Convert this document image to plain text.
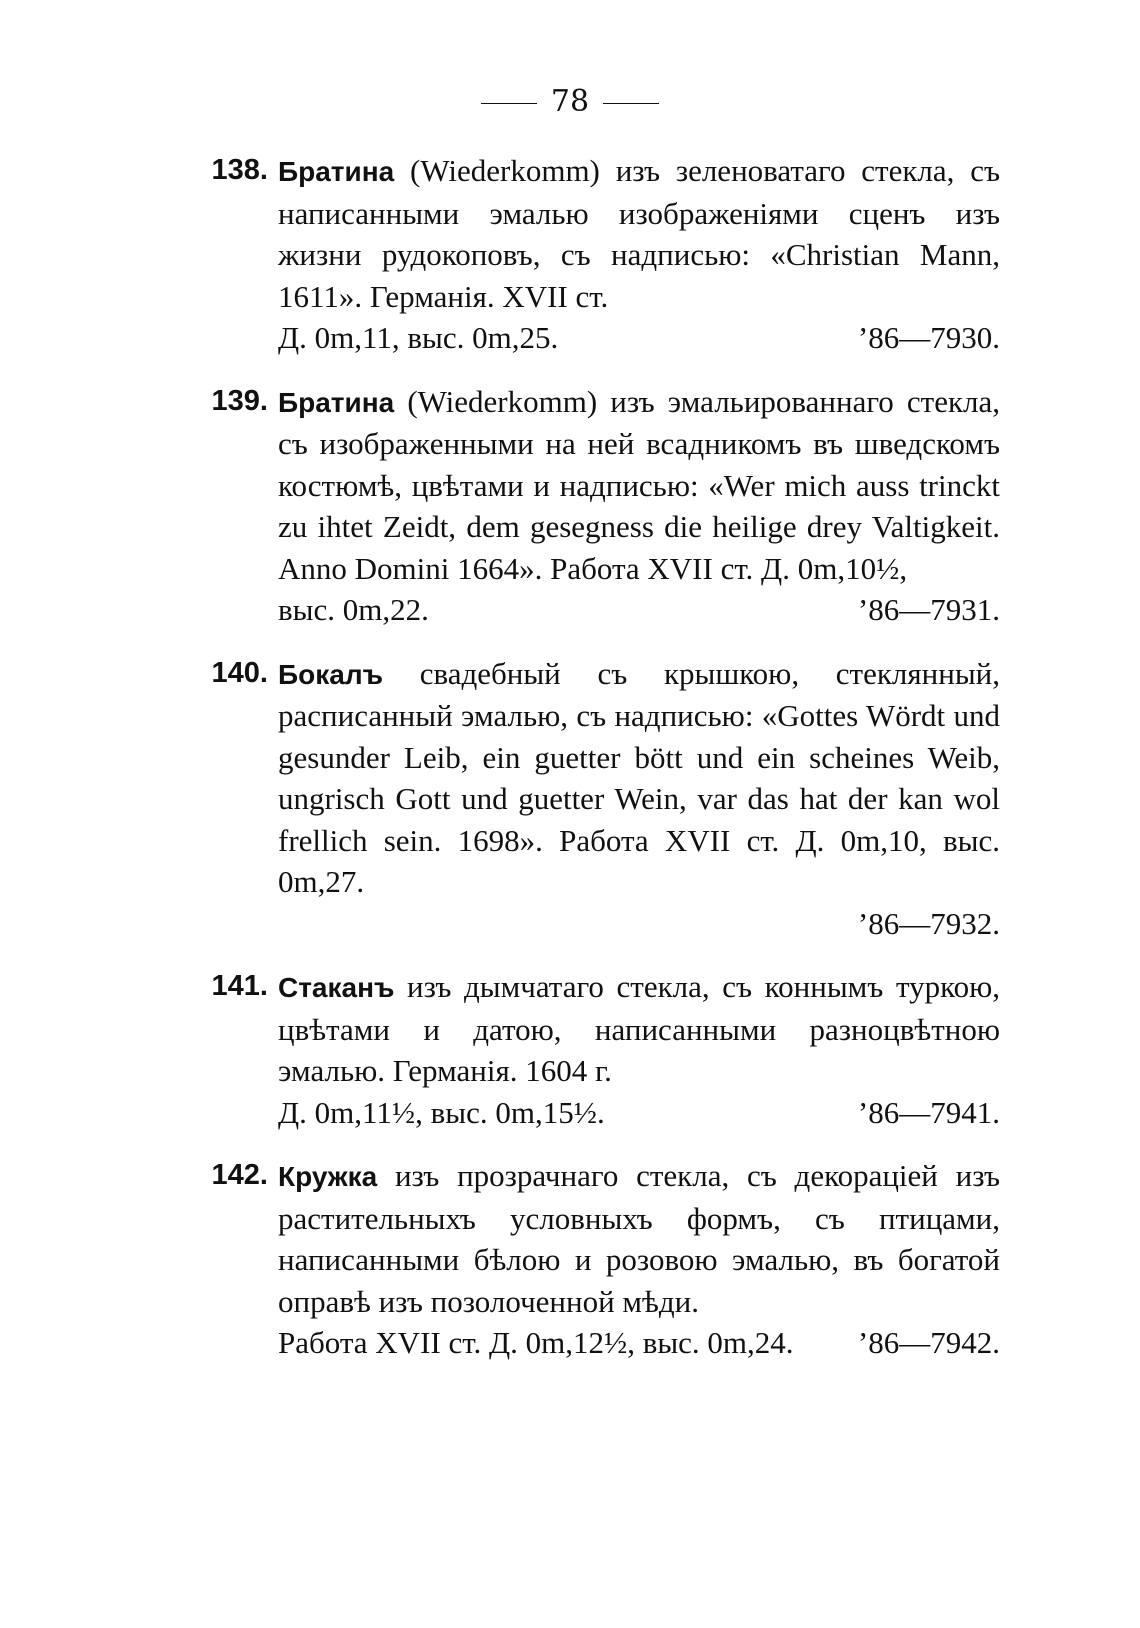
78
138. Братина (Wiederkomm) изъ зеленоватаго стекла, съ написанными эмалью изображеніями сценъ изъ жизни рудокоповъ, съ надписью: «Christian Mann, 1611». Германія. XVII ст.
Д. 0m,11, выс. 0m,25.	’86—7930.
139. Братина (Wiederkomm) изъ эмальированнаго стекла, съ изображенными на ней всадникомъ въ шведскомъ костюмѣ, цвѣтами и надписью: «Wer mich auss trinckt zu ihtet Zeidt, dem gesegness die heilige drey Valtigkeit. Anno Domini 1664». Работа XVII ст. Д. 0m,10½,
выс. 0m,22.	’86—7931.
140. Бокалъ свадебный съ крышкою, стеклянный, расписанный эмалью, съ надписью: «Gottes Wördt und gesunder Leib, ein guetter bött und ein scheines Weib, ungrisch Gott und guetter Wein, var das hat der kan wol frellich sein. 1698». Работа XVII ст. Д. 0m,10, выс. 0m,27.
’86—7932.
141. Стаканъ изъ дымчатаго стекла, съ коннымъ туркою, цвѣтами и датою, написанными разноцвѣтною эмалью. Германія. 1604 г.
Д. 0m,11½, выс. 0m,15½.	’86—7941.
142. Кружка изъ прозрачнаго стекла, съ декораціей изъ растительныхъ условныхъ формъ, съ птицами, написанными бѣлою и розовою эмалью, въ богатой оправѣ изъ позолоченной мѣди.
Работа XVII ст. Д. 0m,12½, выс. 0m,24. ’86—7942.
